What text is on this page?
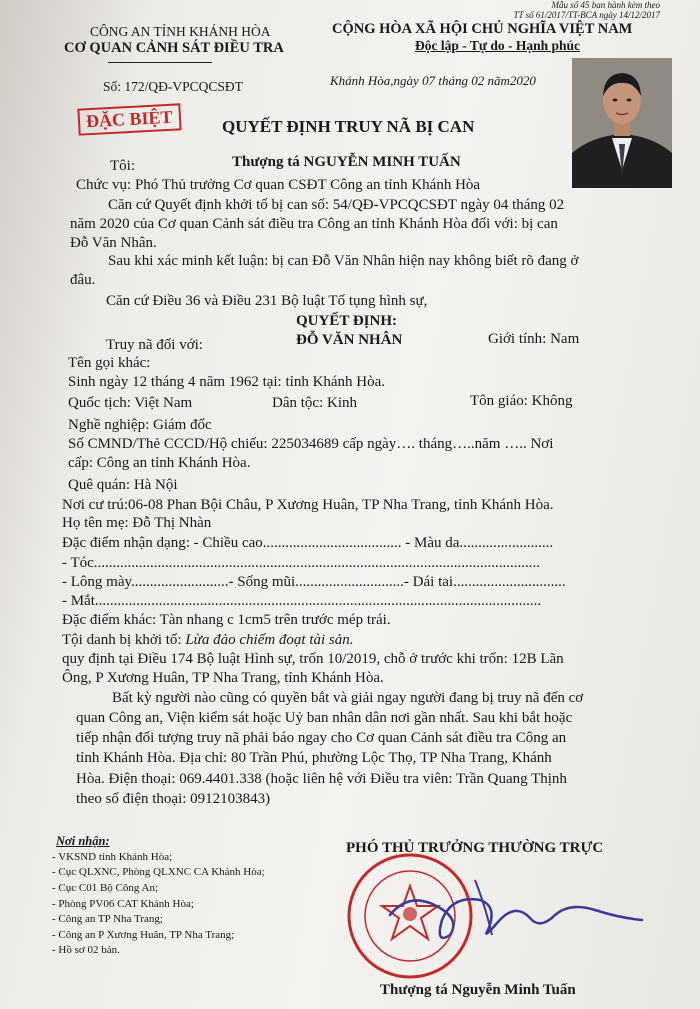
Mẫu số 45 ban hành kèm theo
TT số 61/2017/TT-BCA ngày 14/12/2017
CÔNG AN TỈNH KHÁNH HÒA
CƠ QUAN CẢNH SÁT ĐIỀU TRA
CỘNG HÒA XÃ HỘI CHỦ NGHĨA VIỆT NAM
Độc lập - Tự do - Hạnh phúc
Số: 172/QĐ-VPCQCSĐT	Khánh Hòa,ngày 07 tháng 02 năm2020
ĐẶC BIỆT	QUYẾT ĐỊNH TRUY NÃ BỊ CAN
Tôi:	Thượng tá NGUYỄN MINH TUẤN
Chức vụ: Phó Thủ trưởng Cơ quan CSĐT Công an tỉnh Khánh Hòa
Căn cứ Quyết định khởi tố bị can số: 54/QĐ-VPCQCSĐT ngày 04 tháng 02
năm 2020 của Cơ quan Cảnh sát điều tra Công an tỉnh Khánh Hòa đối với: bị can
Đỗ Văn Nhân.
Sau khi xác minh kết luận: bị can Đỗ Văn Nhân hiện nay không biết rõ đang ở
đâu.
Căn cứ Điều 36 và Điều 231 Bộ luật Tố tụng hình sự,
QUYẾT ĐỊNH:
Truy nã đối với:	ĐỖ VĂN NHÂN	Giới tính: Nam
Tên gọi khác:
Sinh ngày 12 tháng 4 năm 1962 tại: tỉnh Khánh Hòa.
Quốc tịch: Việt Nam	Dân tộc: Kinh	Tôn giáo: Không
Nghề nghiệp: Giám đốc
Số CMND/Thẻ CCCD/Hộ chiếu: 225034689 cấp ngày…. tháng…..năm ….. Nơi
cấp: Công an tỉnh Khánh Hòa.
Quê quán: Hà Nội
Nơi cư trú:06-08 Phan Bội Châu, P Xương Huân, TP Nha Trang, tỉnh Khánh Hòa.
Họ tên mẹ: Đỗ Thị Nhàn
Đặc điểm nhận dạng: - Chiều cao..................................... - Màu da.........................
- Tóc.......................................................................................................................
- Lông mày..........................- Sống mũi.............................- Dái tai..............................
- Mắt.......................................................................................................................
Đặc điểm khác: Tàn nhang c 1cm5 trên trước mép trái.
Tội danh bị khởi tố: Lừa đảo chiếm đoạt tài sản.
quy định tại Điều 174 Bộ luật Hình sự, trốn 10/2019, chỗ ở trước khi trốn: 12B Lãn
Ông, P Xương Huân, TP Nha Trang, tỉnh Khánh Hòa.
Bất kỳ người nào cũng có quyền bắt và giải ngay người đang bị truy nã đến cơ
quan Công an, Viện kiểm sát hoặc Uỷ ban nhân dân nơi gần nhất. Sau khi bắt hoặc
tiếp nhận đối tượng truy nã phải báo ngay cho Cơ quan Cảnh sát điều tra Công an
tỉnh Khánh Hòa. Địa chỉ: 80 Trần Phú, phường Lộc Thọ, TP Nha Trang, Khánh
Hòa. Điện thoại: 069.4401.338 (hoặc liên hệ với Điều tra viên: Trần Quang Thịnh
theo số điện thoại: 0912103843)
Nơi nhận:
- VKSND tỉnh Khánh Hòa;
- Cục QLXNC, Phòng QLXNC CA Khánh Hòa;
- Cục C01 Bộ Công An;
- Phòng PV06 CAT Khánh Hòa;
- Công an TP Nha Trang;
- Công an P Xương Huân, TP Nha Trang;
- Hồ sơ 02 bản.
PHÓ THỦ TRƯỞNG THƯỜNG TRỰC
Thượng tá Nguyễn Minh Tuấn
